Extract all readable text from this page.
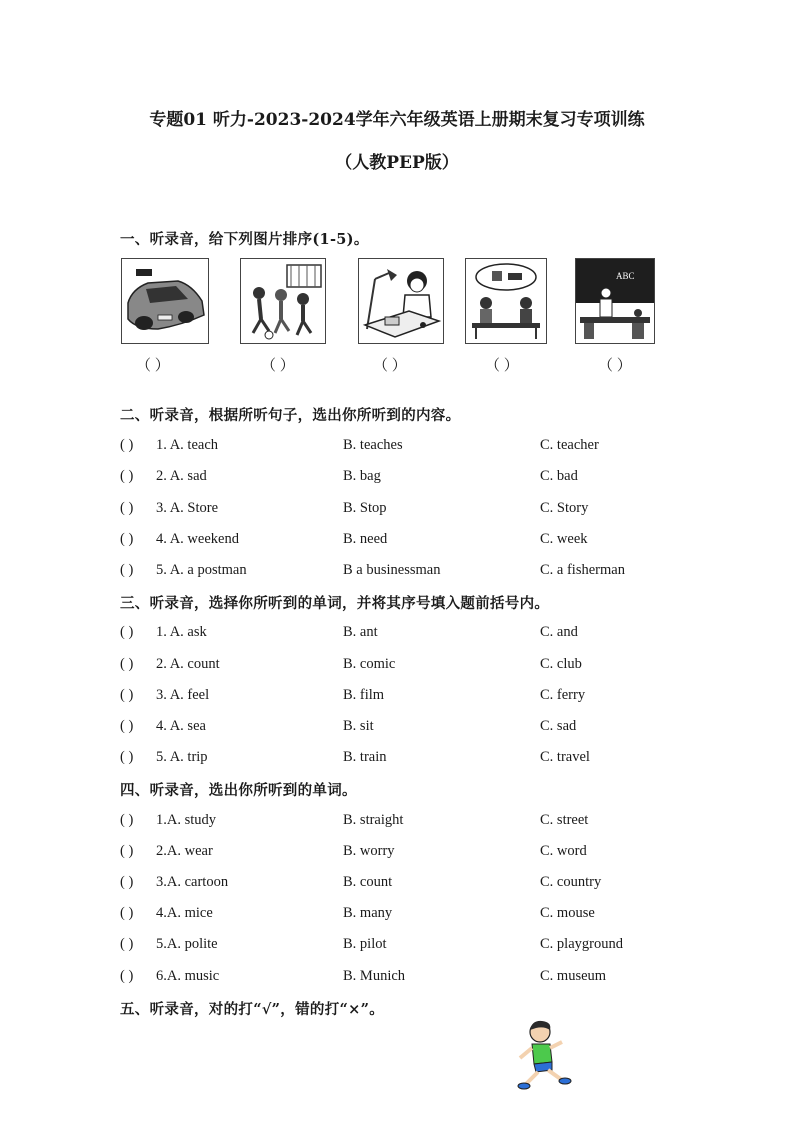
专题01 听力-2023-2024学年六年级英语上册期末复习专项训练
（人教PEP版）
一、听录音，给下列图片排序(1-5)。
ABC
（ ）	（ ）	（ ）	（ ）	（ ）
二、听录音，根据所听句子，选出你所听到的内容。
( ) 1. A. teach	B. teaches	C. teacher
( ) 2. A. sad	B. bag	C. bad
( ) 3. A. Store	B. Stop	C. Story
( ) 4. A. weekend	B. need	C. week
( ) 5. A. a postman	B a businessman	C. a fisherman
三、听录音，选择你所听到的单词，并将其序号填入题前括号内。
( ) 1. A. ask	B. ant	C. and
( ) 2. A. count	B. comic	C. club
( ) 3. A. feel	B. film	C. ferry
( ) 4. A. sea	B. sit	C. sad
( ) 5. A. trip	B. train	C. travel
四、听录音，选出你所听到的单词。
( ) 1.A. study	B. straight	C. street
( ) 2.A. wear	B. worry	C. word
( ) 3.A. cartoon	B. count	C. country
( ) 4.A. mice	B. many	C. mouse
( ) 5.A. polite	B. pilot	C. playground
( ) 6.A. music	B. Munich	C. museum
五、听录音，对的打“√”，错的打“×”。
